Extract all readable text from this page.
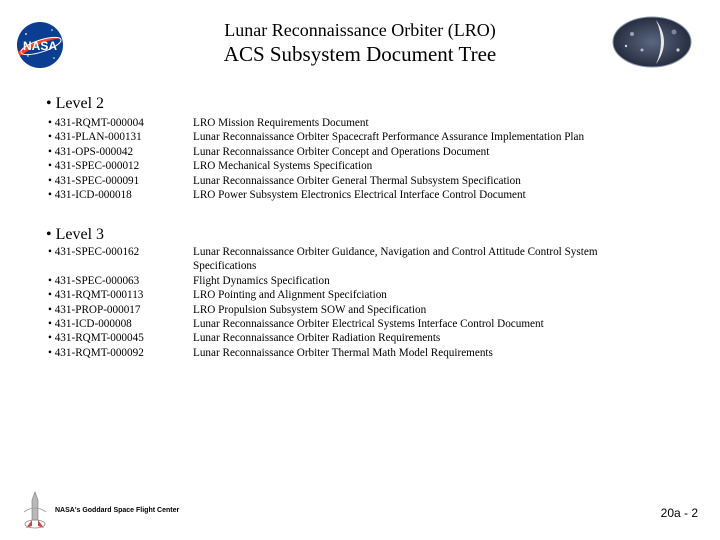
NASA
Lunar Reconnaissance Orbiter (LRO)
ACS Subsystem Document Tree
• Level 2
• 431-RQMT-000004
• 431-PLAN-000131
• 431-OPS-000042
• 431-SPEC-000012
• 431-SPEC-000091
• 431-ICD-000018
LRO Mission Requirements Document
Lunar Reconnaissance Orbiter Spacecraft Performance Assurance Implementation Plan
Lunar Reconnaissance Orbiter Concept and Operations Document
LRO Mechanical Systems Specification
Lunar Reconnaissance Orbiter General Thermal Subsystem Specification
LRO Power Subsystem Electronics Electrical Interface Control Document
• Level 3
• 431-SPEC-000162
• 431-SPEC-000063
• 431-RQMT-000113
• 431-PROP-000017
• 431-ICD-000008
• 431-RQMT-000045
• 431-RQMT-000092
Lunar Reconnaissance Orbiter Guidance, Navigation and Control Attitude Control System Specifications
Flight Dynamics Specification
LRO Pointing and Alignment Specifciation
LRO Propulsion Subsystem SOW and Specification
Lunar Reconnaissance Orbiter Electrical Systems Interface Control Document
Lunar Reconnaissance Orbiter Radiation Requirements
Lunar Reconnaissance Orbiter Thermal Math Model Requirements
NASA's Goddard Space Flight Center	20a - 2
